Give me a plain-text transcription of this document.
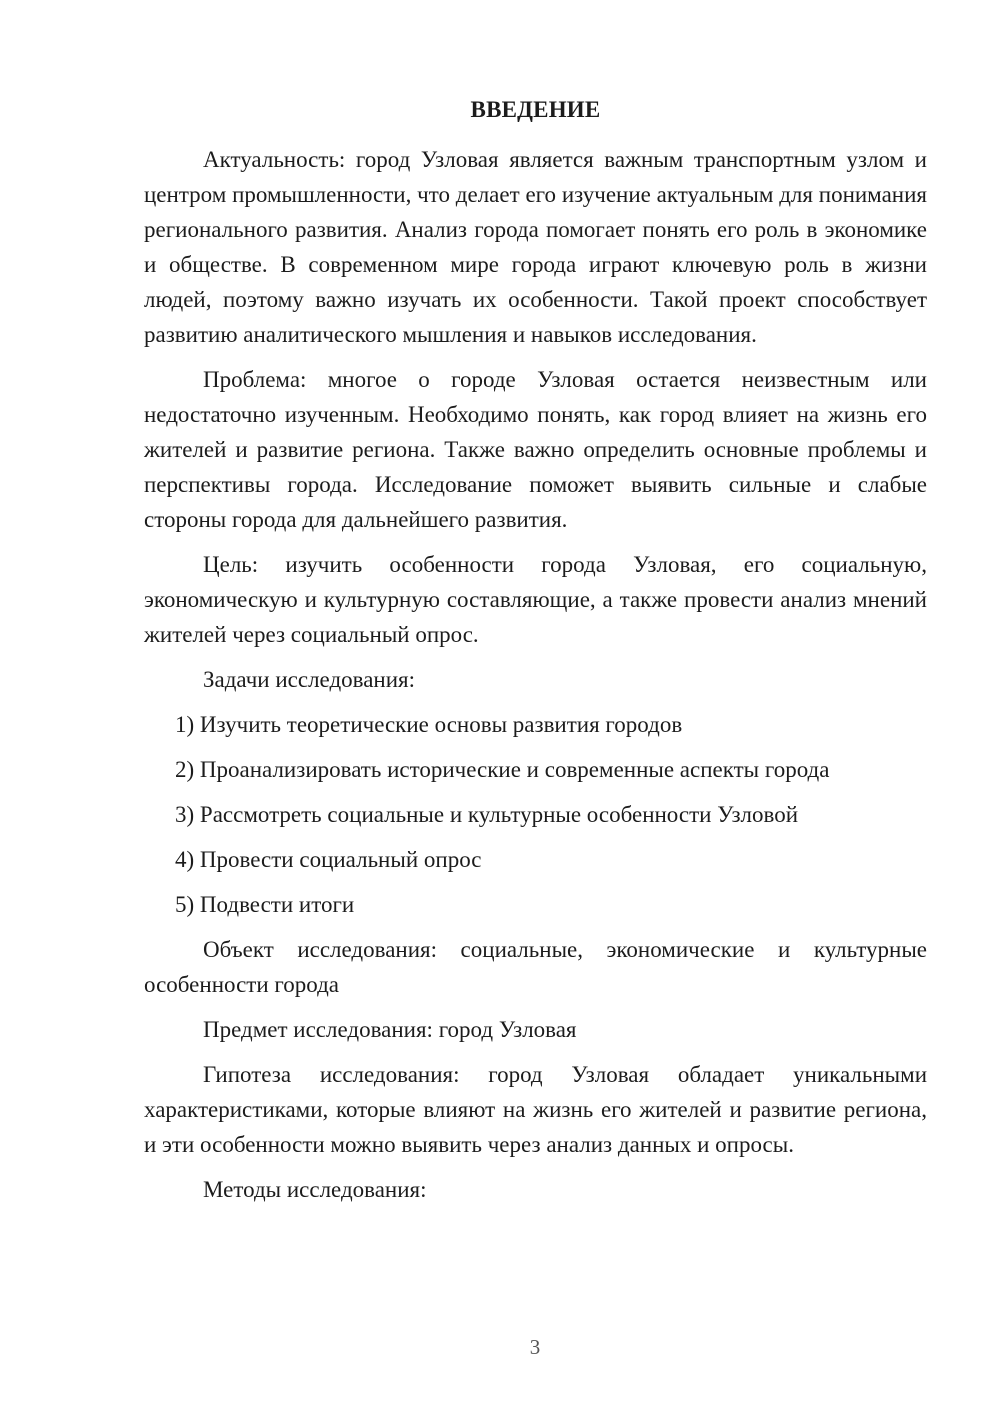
ВВЕДЕНИЕ

Актуальность: город Узловая является важным транспортным узлом и центром промышленности, что делает его изучение актуальным для понимания регионального развития. Анализ города помогает понять его роль в экономике и обществе. В современном мире города играют ключевую роль в жизни людей, поэтому важно изучать их особенности. Такой проект способствует развитию аналитического мышления и навыков исследования.

Проблема: многое о городе Узловая остается неизвестным или недостаточно изученным. Необходимо понять, как город влияет на жизнь его жителей и развитие региона. Также важно определить основные проблемы и перспективы города. Исследование поможет выявить сильные и слабые стороны города для дальнейшего развития.

Цель: изучить особенности города Узловая, его социальную, экономическую и культурную составляющие, а также провести анализ мнений жителей через социальный опрос.

Задачи исследования:

1) Изучить теоретические основы развития городов
2) Проанализировать исторические и современные аспекты города
3) Рассмотреть социальные и культурные особенности Узловой
4) Провести социальный опрос
5) Подвести итоги

Объект исследования: социальные, экономические и культурные особенности города

Предмет исследования: город Узловая

Гипотеза исследования: город Узловая обладает уникальными характеристиками, которые влияют на жизнь его жителей и развитие региона, и эти особенности можно выявить через анализ данных и опросы.

Методы исследования:

3
